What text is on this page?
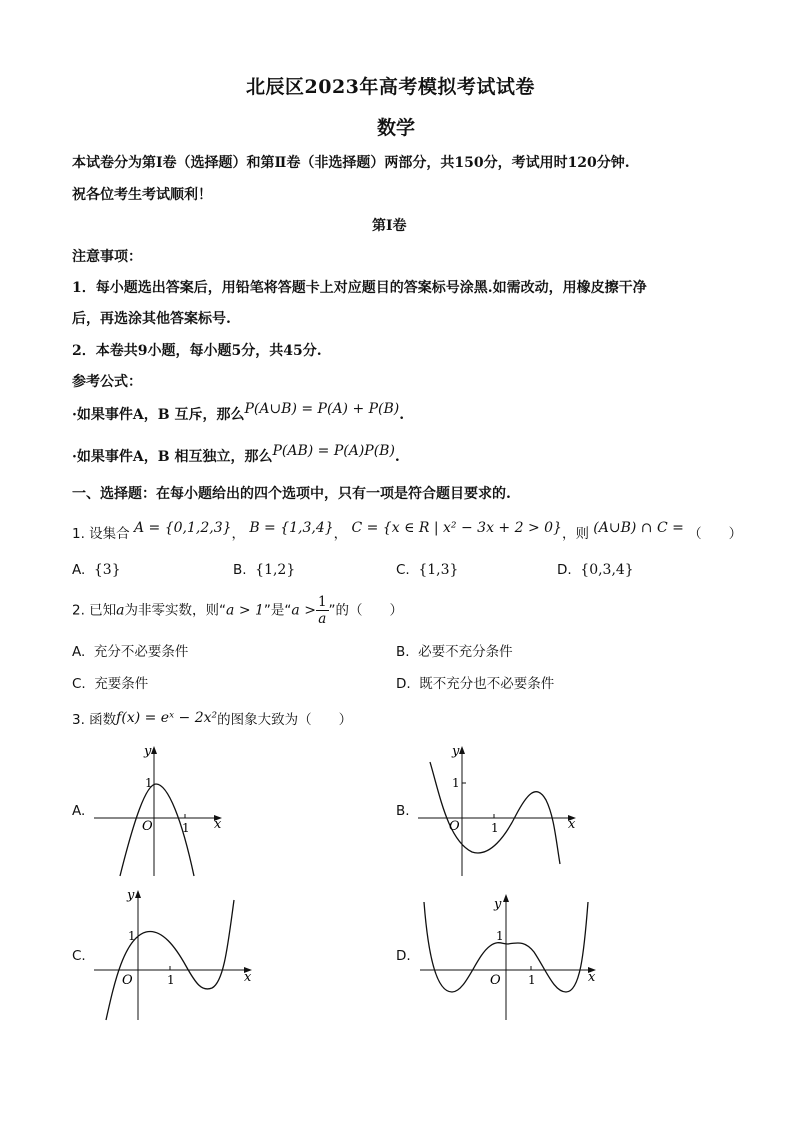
北辰区2023年高考模拟考试试卷
数学
本试卷分为第Ⅰ卷（选择题）和第Ⅱ卷（非选择题）两部分，共150分，考试用时120分钟.
祝各位考生考试顺利！
第Ⅰ卷
注意事项：
1．每小题选出答案后，用铅笔将答题卡上对应题目的答案标号涂黑.如需改动，用橡皮擦干净
后，再选涂其他答案标号.
2．本卷共9小题，每小题5分，共45分.
参考公式：
·如果事件A，B 互斥，那么P(A∪B) = P(A) + P(B).
·如果事件A，B 相互独立，那么P(AB) = P(A)P(B).
一、选择题：在每小题给出的四个选项中，只有一项是符合题目要求的.
1. 设集合 A = {0,1,2,3}， B = {1,3,4}， C = {x ∈ R | x² − 3x + 2 > 0}，则 (A∪B) ∩ C = （　　）
A. {3}	B. {1,2}	C. {1,3}	D. {0,3,4}
2. 已知a为非零实数，则“a > 1”是“$a > \frac{1}{a}$ ”的（　　）
A. 充分不必要条件	B. 必要不充分条件
C. 充要条件	D. 既不充分也不必要条件
3. 函数f(x) = eˣ − 2x²的图象大致为（　　）
A.
x
y
O 1
1
B.
x
y
O	1
1
C.
x
y
O	1
1
D.
x
y
O 1
1
